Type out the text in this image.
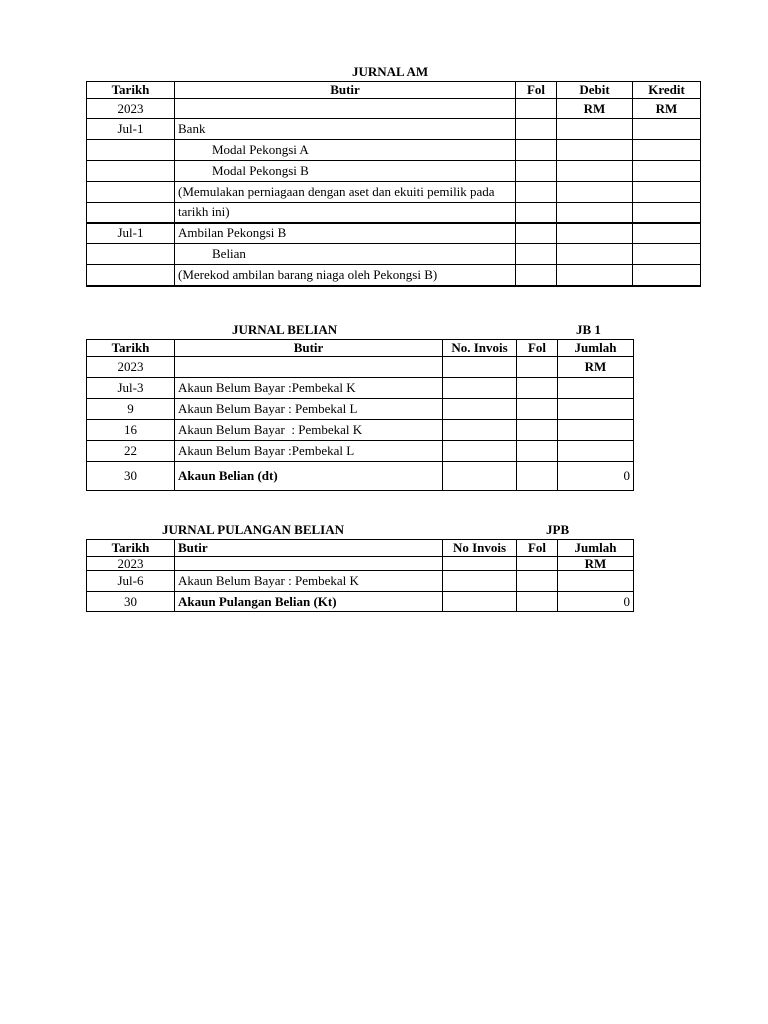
JURNAL AM
Tarikh	Butir	Fol	Debit	Kredit
2023			RM	RM
Jul-1	Bank			
	Modal Pekongsi A			
	Modal Pekongsi B			
	(Memulakan perniagaan dengan aset dan ekuiti pemilik pada			
	tarikh ini)			
Jul-1	Ambilan Pekongsi B			
	Belian			
	(Merekod ambilan barang niaga oleh Pekongsi B)			
JURNAL BELIAN	JB 1
Tarikh	Butir	No. Invois	Fol	Jumlah
2023				RM
Jul-3	Akaun Belum Bayar :Pembekal K			
9	Akaun Belum Bayar : Pembekal L			
16	Akaun Belum Bayar  : Pembekal K			
22	Akaun Belum Bayar :Pembekal L			
30	Akaun Belian (dt)			0
JURNAL PULANGAN BELIAN	JPB
Tarikh	Butir	No Invois	Fol	Jumlah
2023				RM
Jul-6	Akaun Belum Bayar : Pembekal K			
30	Akaun Pulangan Belian (Kt)			0
